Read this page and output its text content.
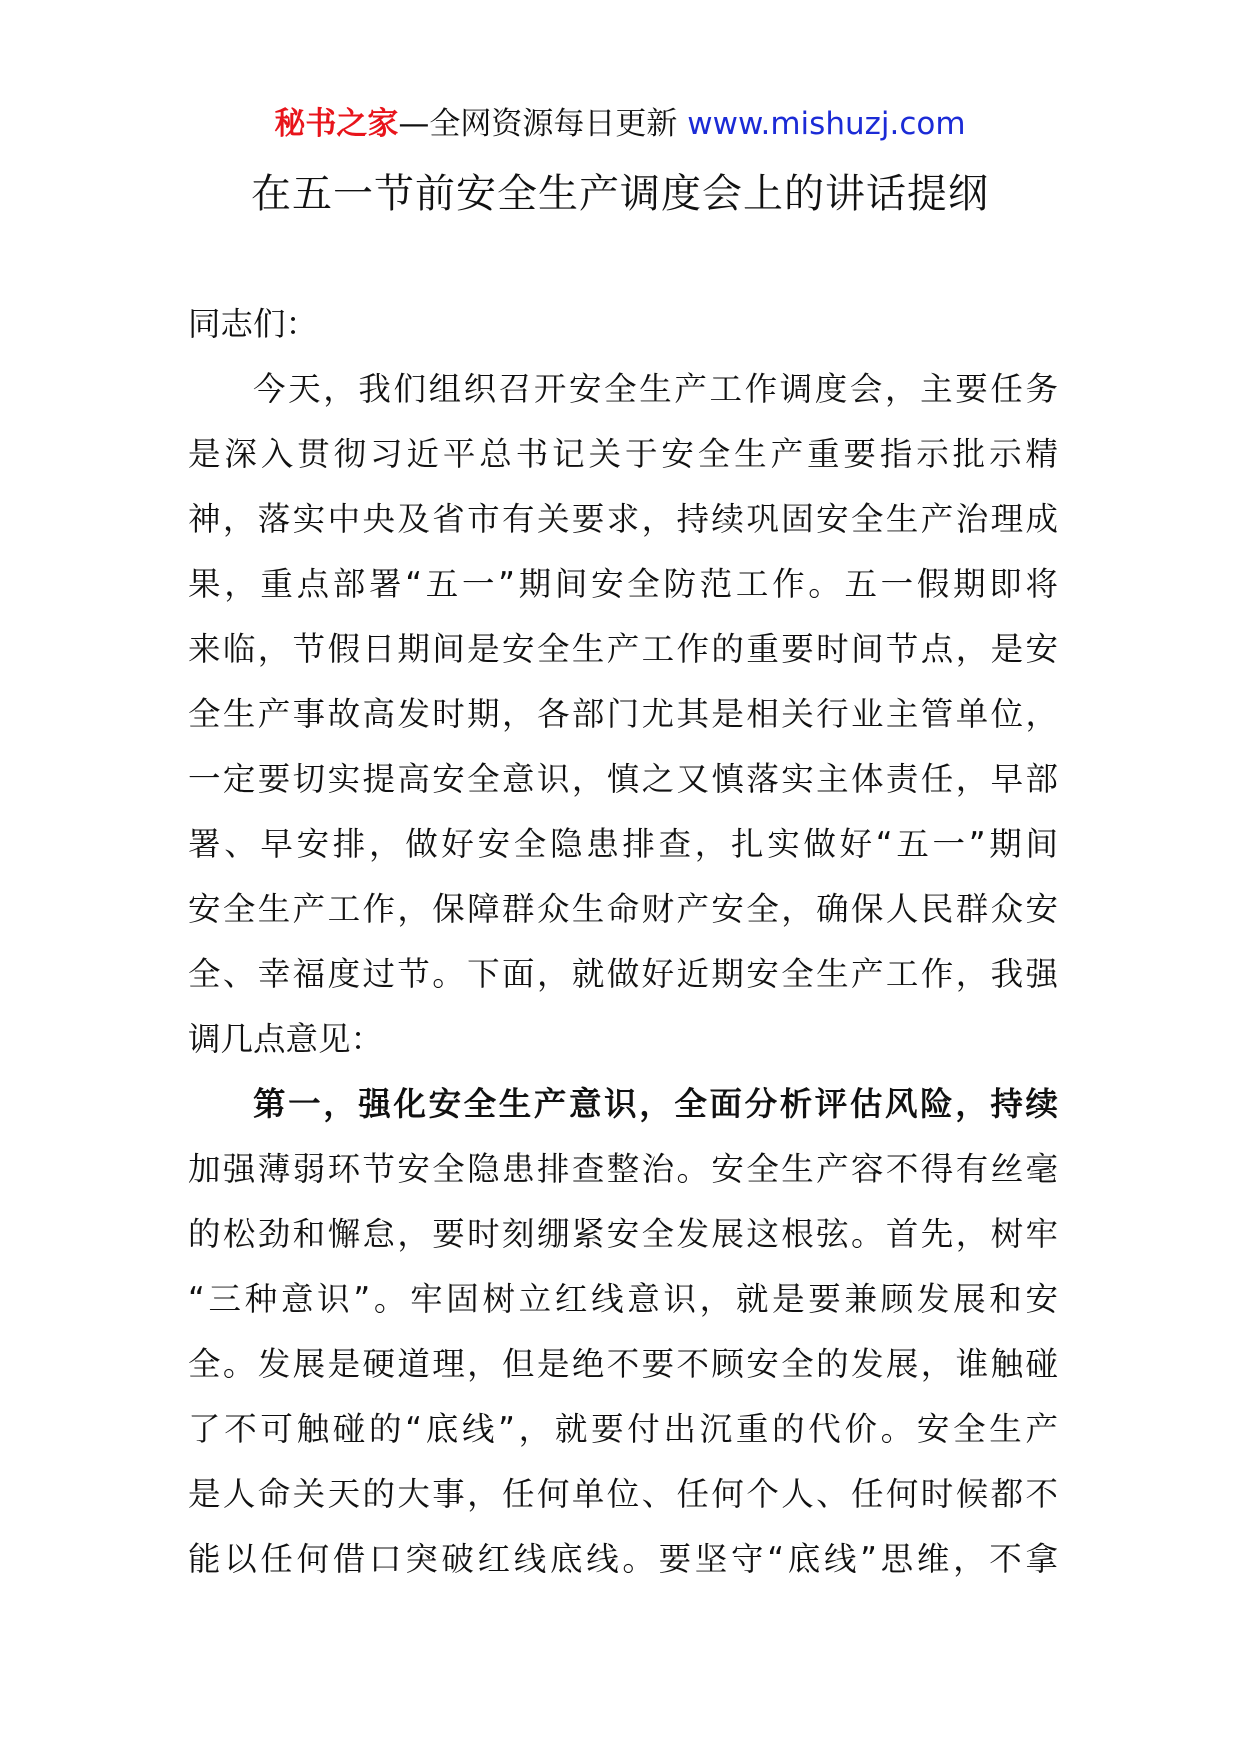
秘书之家—全网资源每日更新 www.mishuzj.com
在五一节前安全生产调度会上的讲话提纲
同志们：
今天，我们组织召开安全生产工作调度会，主要任务
是深入贯彻习近平总书记关于安全生产重要指示批示精
神，落实中央及省市有关要求，持续巩固安全生产治理成
果，重点部署“五一”期间安全防范工作。五一假期即将
来临，节假日期间是安全生产工作的重要时间节点，是安
全生产事故高发时期，各部门尤其是相关行业主管单位，
一定要切实提高安全意识，慎之又慎落实主体责任，早部
署、早安排，做好安全隐患排查，扎实做好“五一”期间
安全生产工作，保障群众生命财产安全，确保人民群众安
全、幸福度过节。下面，就做好近期安全生产工作，我强
调几点意见：
第一，强化安全生产意识，全面分析评估风险，持续
加强薄弱环节安全隐患排查整治。安全生产容不得有丝毫
的松劲和懈怠，要时刻绷紧安全发展这根弦。首先，树牢
“三种意识”。牢固树立红线意识，就是要兼顾发展和安
全。发展是硬道理，但是绝不要不顾安全的发展，谁触碰
了不可触碰的“底线”，就要付出沉重的代价。安全生产
是人命关天的大事，任何单位、任何个人、任何时候都不
能以任何借口突破红线底线。要坚守“底线”思维，不拿
